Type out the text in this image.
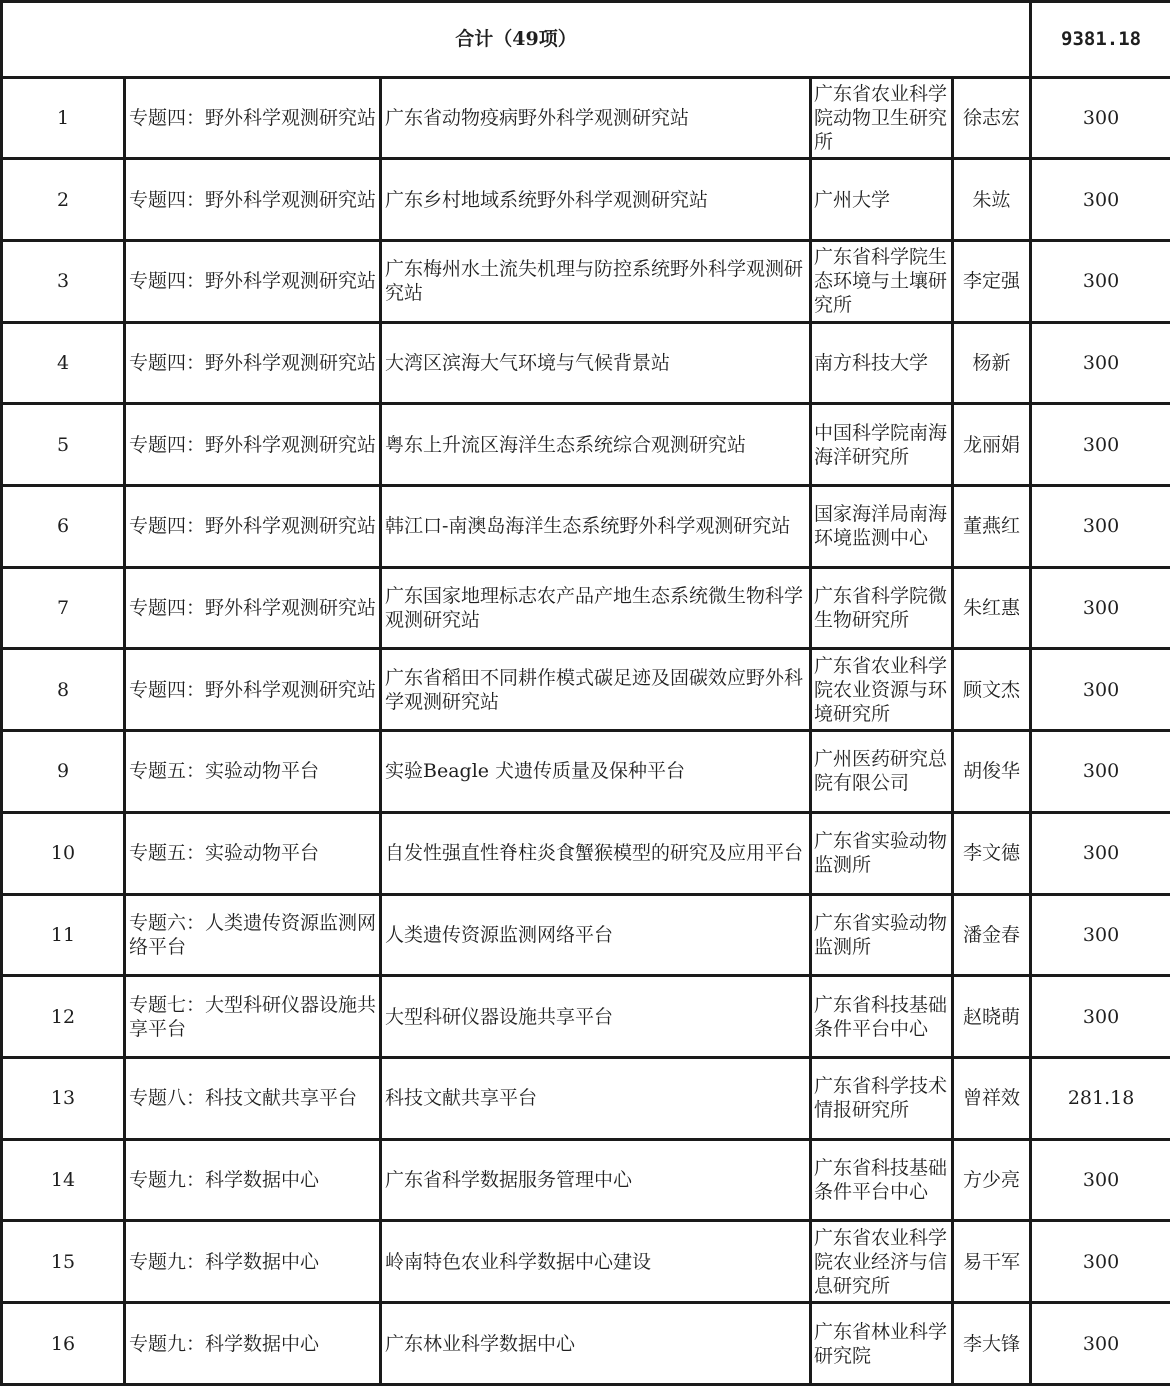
合计（49项）					9381.18
1	专题四：野外科学观测研究站	广东省动物疫病野外科学观测研究站	广东省农业科学院动物卫生研究所	徐志宏	300
2	专题四：野外科学观测研究站	广东乡村地域系统野外科学观测研究站	广州大学	朱竑	300
3	专题四：野外科学观测研究站	广东梅州水土流失机理与防控系统野外科学观测研究站	广东省科学院生态环境与土壤研究所	李定强	300
4	专题四：野外科学观测研究站	大湾区滨海大气环境与气候背景站	南方科技大学	杨新	300
5	专题四：野外科学观测研究站	粤东上升流区海洋生态系统综合观测研究站	中国科学院南海海洋研究所	龙丽娟	300
6	专题四：野外科学观测研究站	韩江口-南澳岛海洋生态系统野外科学观测研究站	国家海洋局南海环境监测中心	董燕红	300
7	专题四：野外科学观测研究站	广东国家地理标志农产品产地生态系统微生物科学观测研究站	广东省科学院微生物研究所	朱红惠	300
8	专题四：野外科学观测研究站	广东省稻田不同耕作模式碳足迹及固碳效应野外科学观测研究站	广东省农业科学院农业资源与环境研究所	顾文杰	300
9	专题五：实验动物平台	实验Beagle 犬遗传质量及保种平台	广州医药研究总院有限公司	胡俊华	300
10	专题五：实验动物平台	自发性强直性脊柱炎食蟹猴模型的研究及应用平台	广东省实验动物监测所	李文德	300
11	专题六：人类遗传资源监测网络平台	人类遗传资源监测网络平台	广东省实验动物监测所	潘金春	300
12	专题七：大型科研仪器设施共享平台	大型科研仪器设施共享平台	广东省科技基础条件平台中心	赵晓萌	300
13	专题八：科技文献共享平台	科技文献共享平台	广东省科学技术情报研究所	曾祥效	281.18
14	专题九：科学数据中心	广东省科学数据服务管理中心	广东省科技基础条件平台中心	方少亮	300
15	专题九：科学数据中心	岭南特色农业科学数据中心建设	广东省农业科学院农业经济与信息研究所	易干军	300
16	专题九：科学数据中心	广东林业科学数据中心	广东省林业科学研究院	李大锋	300
